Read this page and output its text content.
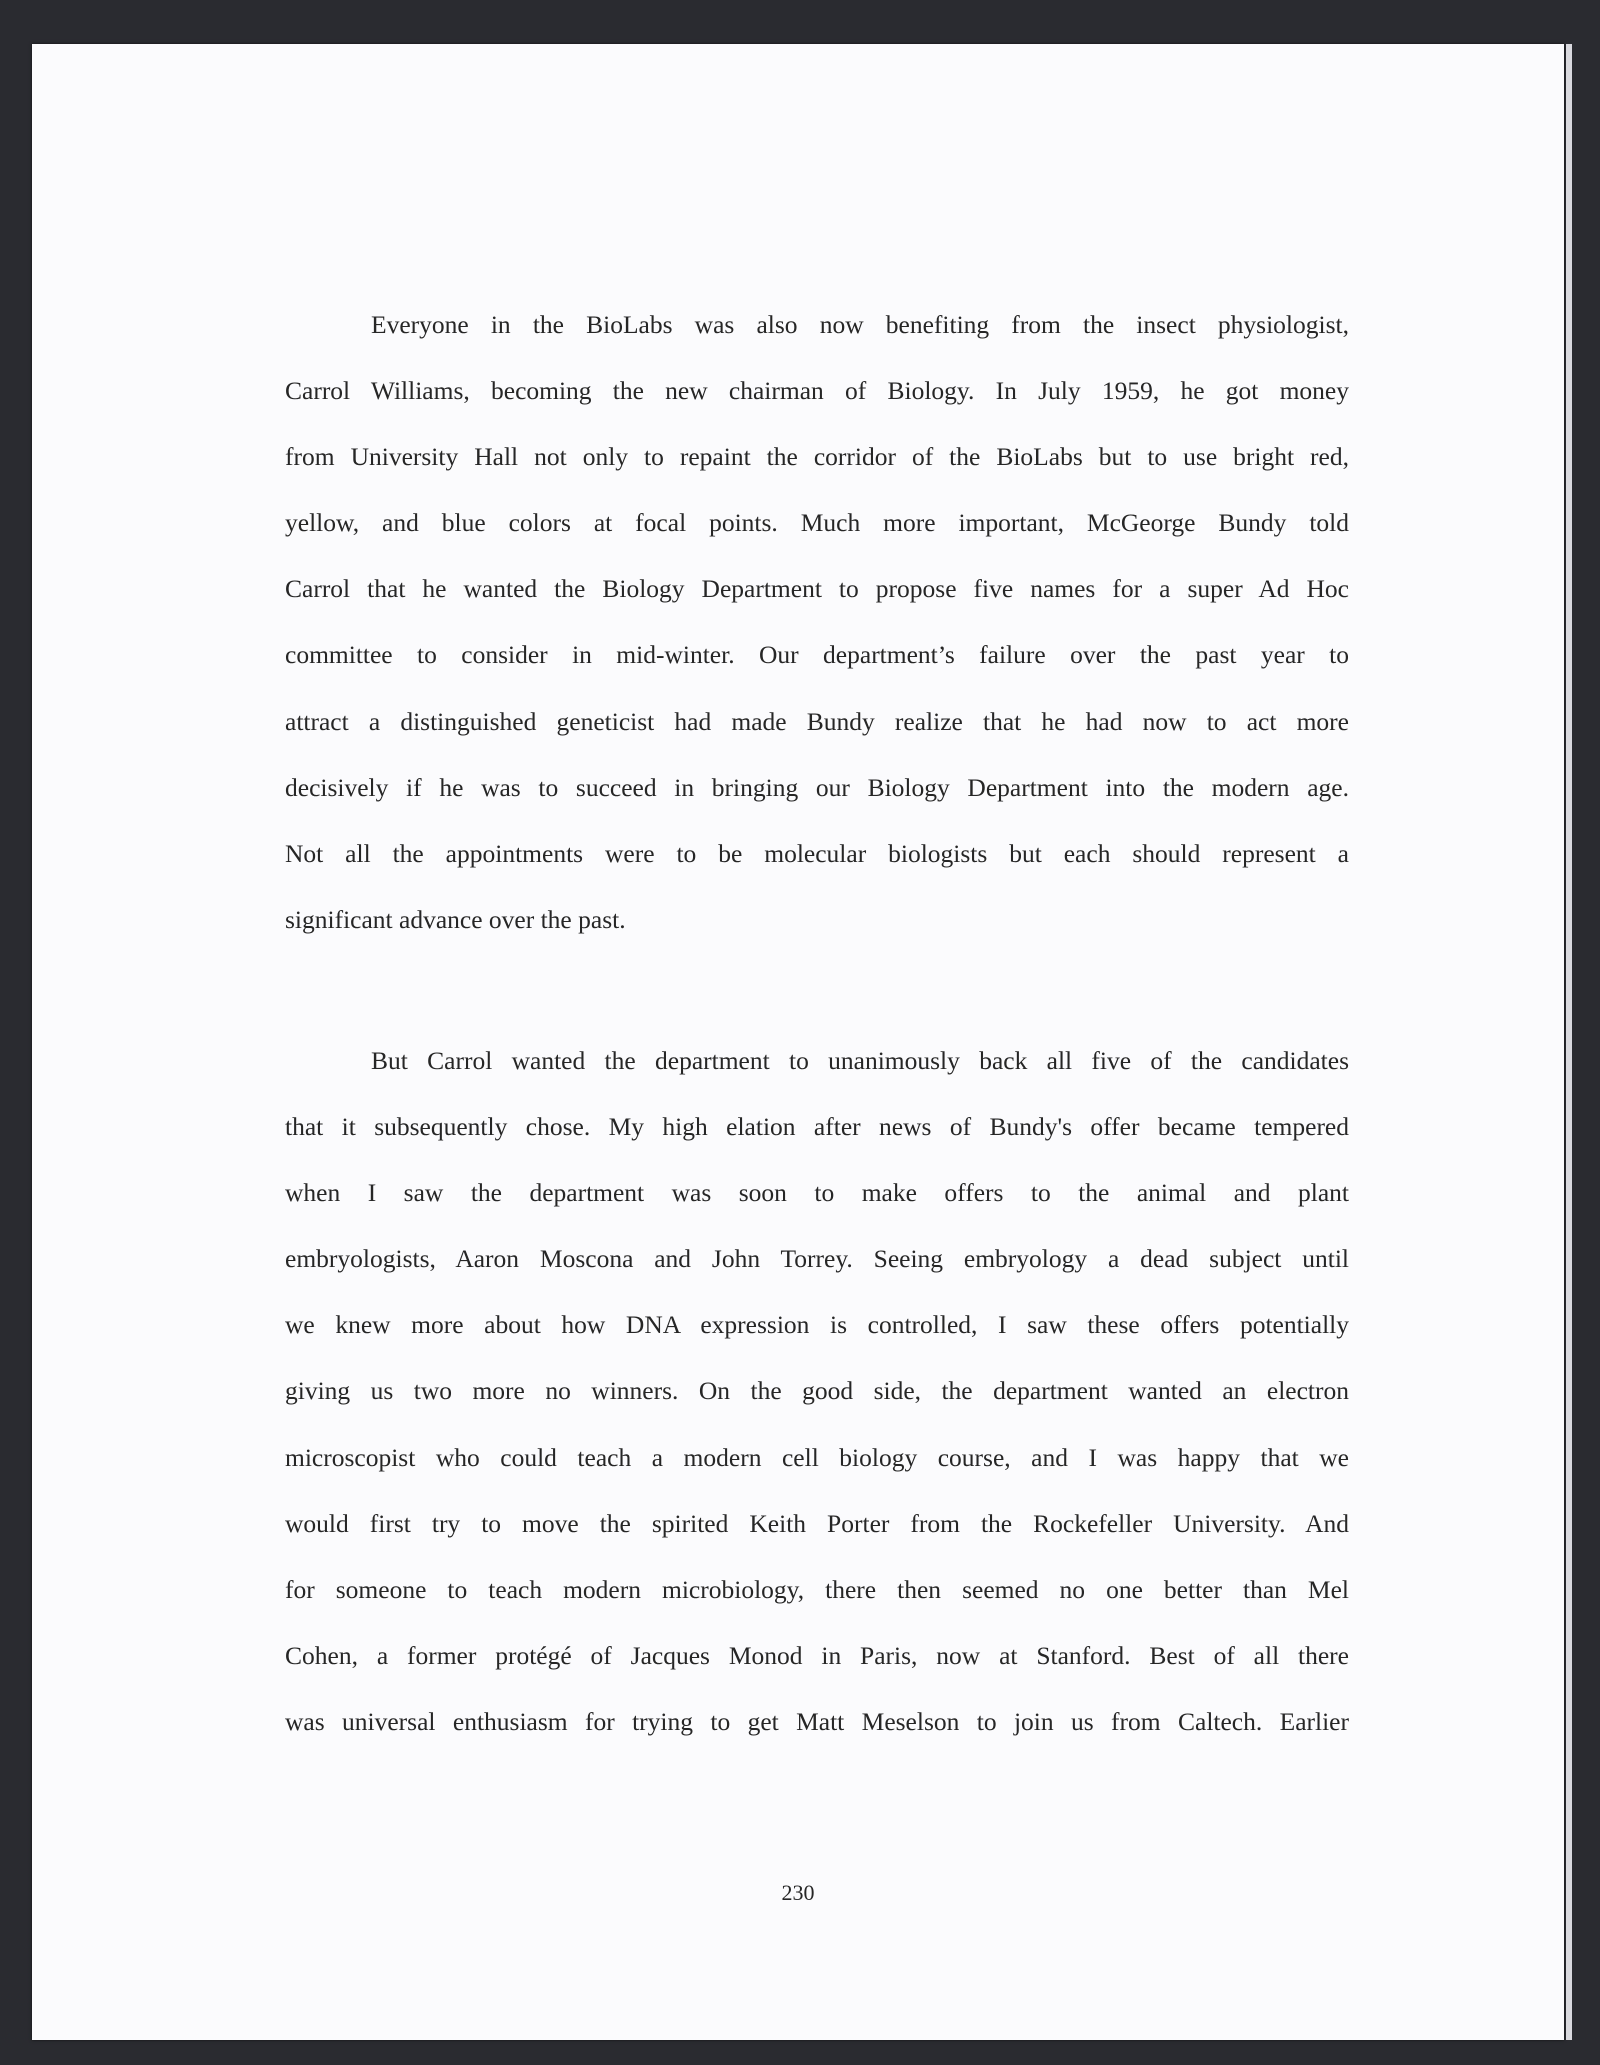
Everyone in the BioLabs was also now benefiting from the insect physiologist,
Carrol Williams, becoming the new chairman of Biology. In July 1959, he got money
from University Hall not only to repaint the corridor of the BioLabs but to use bright red,
yellow, and blue colors at focal points. Much more important, McGeorge Bundy told
Carrol that he wanted the Biology Department to propose five names for a super Ad Hoc
committee to consider in mid-winter. Our department’s failure over the past year to
attract a distinguished geneticist had made Bundy realize that he had now to act more
decisively if he was to succeed in bringing our Biology Department into the modern age.
Not all the appointments were to be molecular biologists but each should represent a
significant advance over the past.
But Carrol wanted the department to unanimously back all five of the candidates
that it subsequently chose. My high elation after news of Bundy's offer became tempered
when I saw the department was soon to make offers to the animal and plant
embryologists, Aaron Moscona and John Torrey. Seeing embryology a dead subject until
we knew more about how DNA expression is controlled, I saw these offers potentially
giving us two more no winners. On the good side, the department wanted an electron
microscopist who could teach a modern cell biology course, and I was happy that we
would first try to move the spirited Keith Porter from the Rockefeller University. And
for someone to teach modern microbiology, there then seemed no one better than Mel
Cohen, a former protégé of Jacques Monod in Paris, now at Stanford. Best of all there
was universal enthusiasm for trying to get Matt Meselson to join us from Caltech. Earlier
230
